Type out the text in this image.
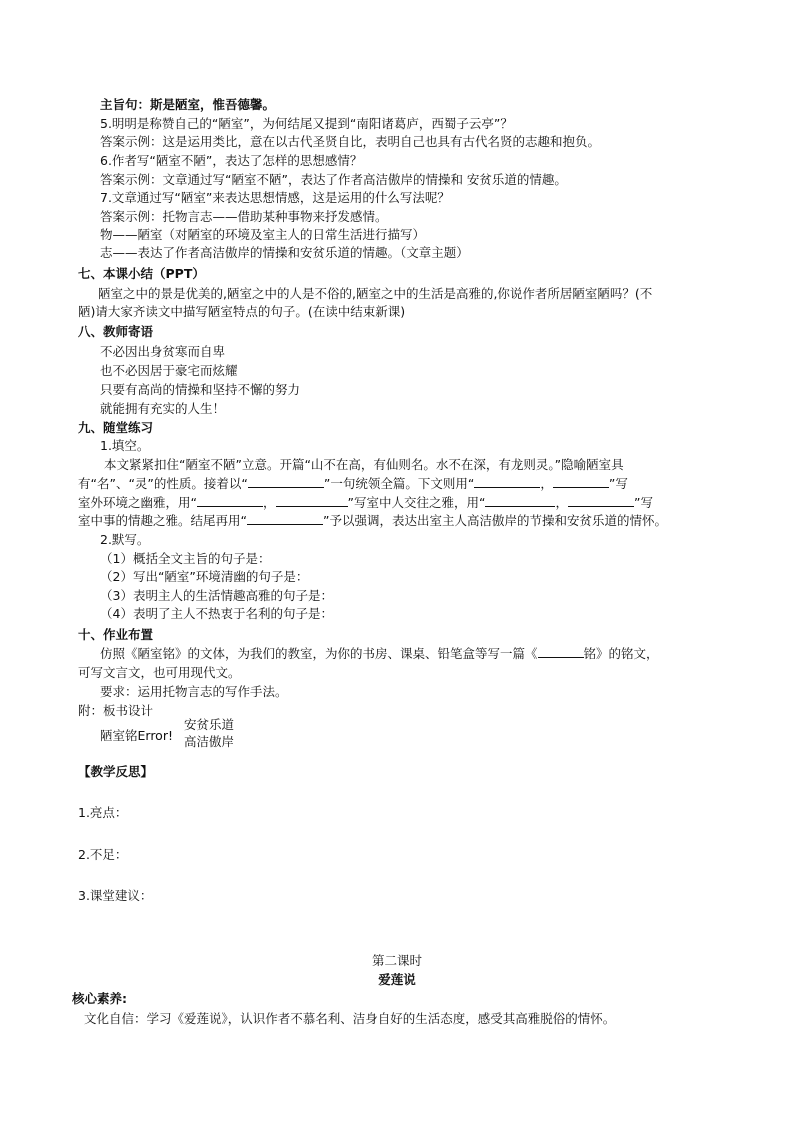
主旨句：斯是陋室，惟吾德馨。
5.明明是称赞自己的“陋室”，为何结尾又提到“南阳诸葛庐，西蜀子云亭”？
答案示例：这是运用类比，意在以古代圣贤自比，表明自己也具有古代名贤的志趣和抱负。
6.作者写“陋室不陋”，表达了怎样的思想感情？
答案示例：文章通过写“陋室不陋”，表达了作者高洁傲岸的情操和 安贫乐道的情趣。
7.文章通过写“陋室”来表达思想情感，这是运用的什么写法呢？
答案示例：托物言志——借助某种事物来抒发感情。
物——陋室（对陋室的环境及室主人的日常生活进行描写）
志——表达了作者高洁傲岸的情操和安贫乐道的情趣。（文章主题）
七、本课小结（PPT）
陋室之中的景是优美的,陋室之中的人是不俗的,陋室之中的生活是高雅的,你说作者所居陋室陋吗？(不
陋)请大家齐读文中描写陋室特点的句子。(在读中结束新课)
八、教师寄语
不必因出身贫寒而自卑
也不必因居于豪宅而炫耀
只要有高尚的情操和坚持不懈的努力
就能拥有充实的人生！
九、随堂练习
1.填空。
本文紧紧扣住“陋室不陋”立意。开篇“山不在高，有仙则名。水不在深，有龙则灵。”隐喻陋室具
有“名”、“灵”的性质。接着以“	”一句统领全篇。下文则用“	，	”写
室外环境之幽雅，用“	，	”写室中人交往之雅，用“	，	”写
室中事的情趣之雅。结尾再用“	”予以强调，表达出室主人高洁傲岸的节操和安贫乐道的情怀。
2.默写。
（1）概括全文主旨的句子是：
（2）写出“陋室”环境清幽的句子是：
（3）表明主人的生活情趣高雅的句子是：
（4）表明了主人不热衷于名利的句子是：
十、作业布置
仿照《陋室铭》的文体，为我们的教室，为你的书房、课桌、铅笔盒等写一篇《	铭》的铭文，
可写文言文，也可用现代文。
要求：运用托物言志的写作手法。
附：板书设计
陋室铭Error!
安贫乐道
高洁傲岸
【教学反思】
1.亮点：
2.不足：
3.课堂建议：
第二课时
爱莲说
核心素养:
文化自信：学习《爱莲说》，认识作者不慕名利、洁身自好的生活态度，感受其高雅脱俗的情怀。
